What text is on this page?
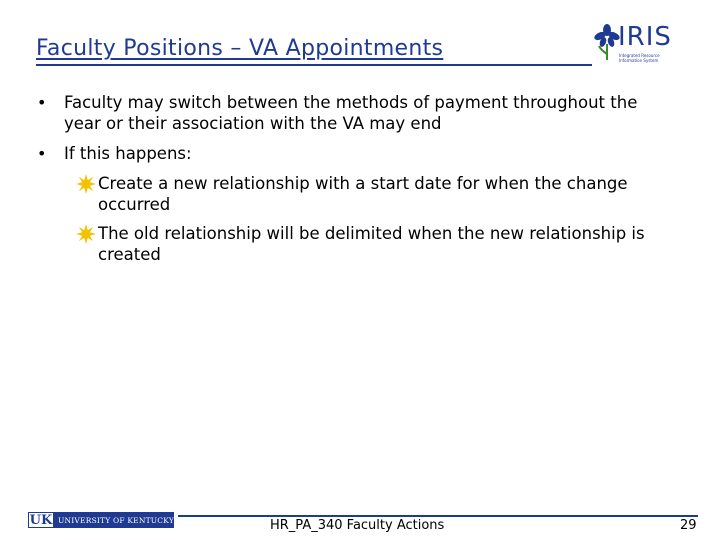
Faculty Positions – VA Appointments	IRIS
Integrated Resource Information System
• Faculty may switch between the methods of payment throughout the year or their association with the VA may end
• If this happens:
Create a new relationship with a start date for when the change occurred
The old relationship will be delimited when the new relationship is created
UK UNIVERSITY OF KENTUCKY	HR_PA_340 Faculty Actions	29
